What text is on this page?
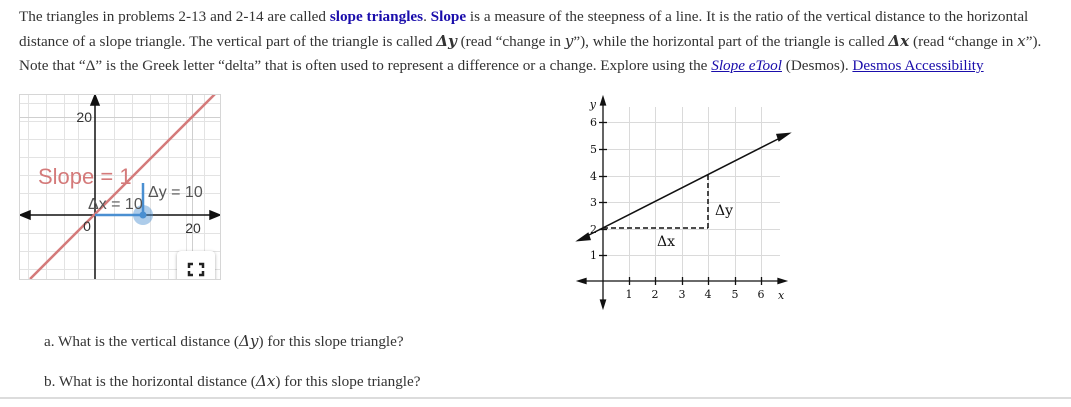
The triangles in problems 2-13 and 2-14 are called slope triangles. Slope is a measure of the steepness of a line. It is the ratio of the vertical distance to the horizontal distance of a slope triangle. The vertical part of the triangle is called Δy (read “change in y”), while the horizontal part of the triangle is called Δx (read “change in x”). Note that “Δ” is the Greek letter “delta” that is often used to represent a difference or a change. Explore using the Slope eTool (Desmos). Desmos Accessibility

20
20
0
Slope = 1
Δy = 10
Δx = 10
y
x
1 2 3 4 5 6
1
2
3
4
5
6
Δx
Δy
a. What is the vertical distance (Δy) for this slope triangle?
b. What is the horizontal distance (Δx) for this slope triangle?
